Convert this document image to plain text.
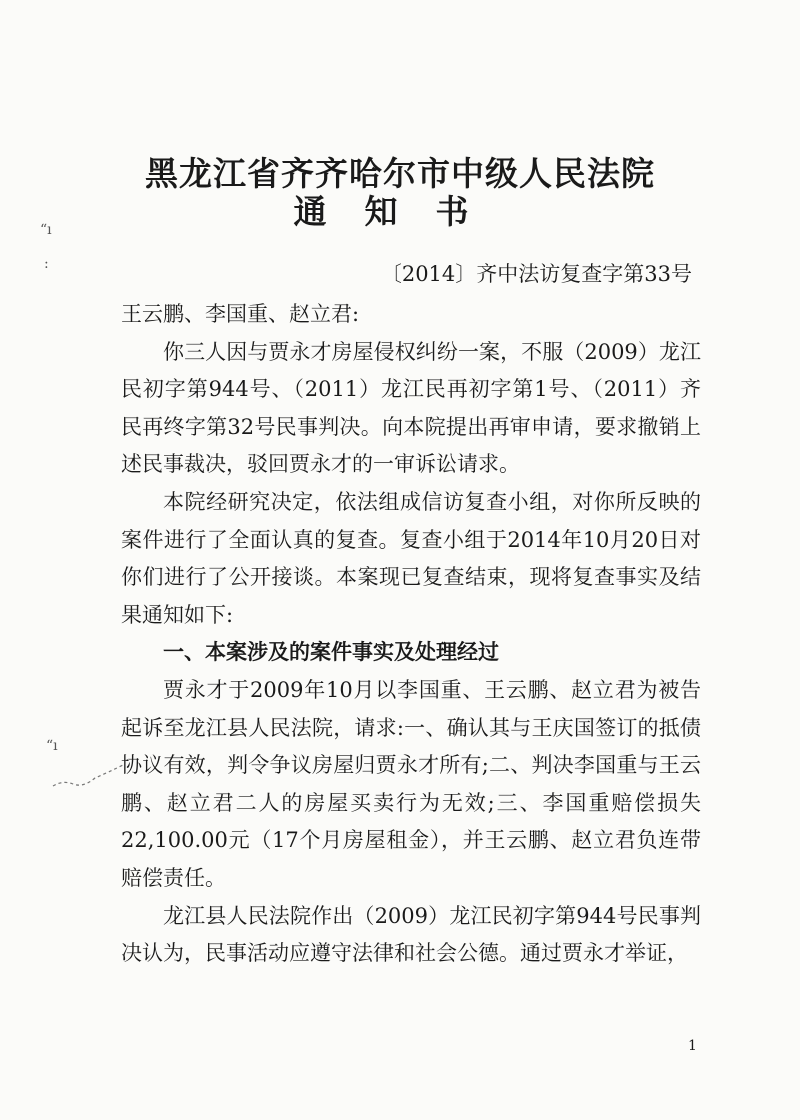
“ı
:
“ı
黑龙江省齐齐哈尔市中级人民法院
通知书
〔2014〕齐中法访复查字第33号

王云鹏、李国重、赵立君:

你三人因与贾永才房屋侵权纠纷一案，不服（2009）龙江民初字第944号、（2011）龙江民再初字第1号、（2011）齐民再终字第32号民事判决。向本院提出再审申请，要求撤销上述民事裁决，驳回贾永才的一审诉讼请求。

本院经研究决定，依法组成信访复查小组，对你所反映的案件进行了全面认真的复查。复查小组于2014年10月20日对你们进行了公开接谈。本案现已复查结束，现将复查事实及结果通知如下:

一、本案涉及的案件事实及处理经过

贾永才于2009年10月以李国重、王云鹏、赵立君为被告起诉至龙江县人民法院，请求:一、确认其与王庆国签订的抵债协议有效，判令争议房屋归贾永才所有;二、判决李国重与王云鹏、赵立君二人的房屋买卖行为无效;三、李国重赔偿损失22,100.00元（17个月房屋租金），并王云鹏、赵立君负连带赔偿责任。

龙江县人民法院作出（2009）龙江民初字第944号民事判决认为，民事活动应遵守法律和社会公德。通过贾永才举证，

1
